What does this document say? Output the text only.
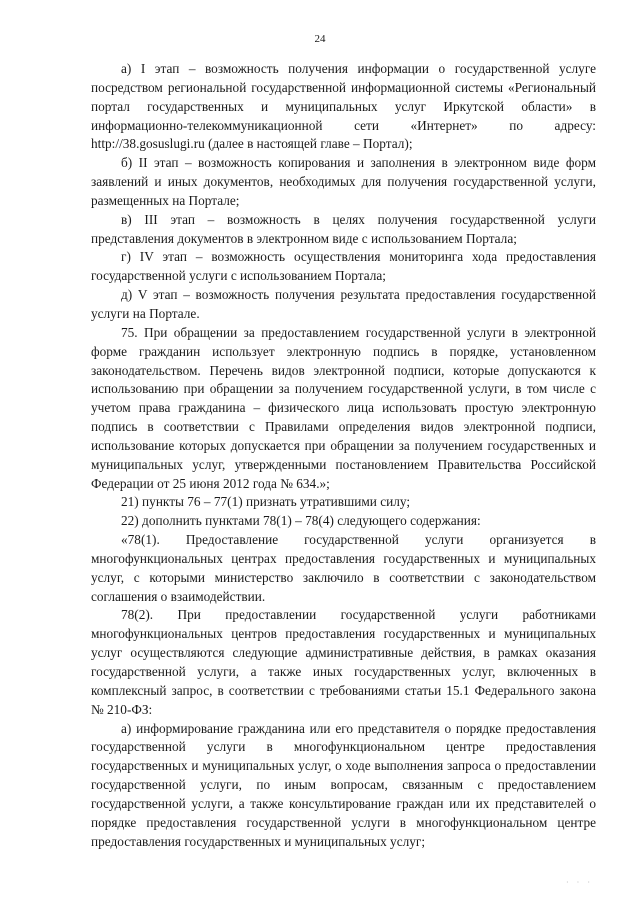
24

а) I этап – возможность получения информации о государственной услуге посредством региональной государственной информационной системы «Региональный портал государственных и муниципальных услуг Иркутской области» в информационно-телекоммуникационной сети «Интернет» по адресу: http://38.gosuslugi.ru (далее в настоящей главе – Портал);

б) II этап – возможность копирования и заполнения в электронном виде форм заявлений и иных документов, необходимых для получения государственной услуги, размещенных на Портале;

в) III этап – возможность в целях получения государственной услуги представления документов в электронном виде с использованием Портала;

г) IV этап – возможность осуществления мониторинга хода предоставления государственной услуги с использованием Портала;

д) V этап – возможность получения результата предоставления государственной услуги на Портале.

75. При обращении за предоставлением государственной услуги в электронной форме гражданин использует электронную подпись в порядке, установленном законодательством. Перечень видов электронной подписи, которые допускаются к использованию при обращении за получением государственной услуги, в том числе с учетом права гражданина – физического лица использовать простую электронную подпись в соответствии с Правилами определения видов электронной подписи, использование которых допускается при обращении за получением государственных и муниципальных услуг, утвержденными постановлением Правительства Российской Федерации от 25 июня 2012 года № 634.»;

21) пункты 76 – 77(1) признать утратившими силу;

22) дополнить пунктами 78(1) – 78(4) следующего содержания:

«78(1). Предоставление государственной услуги организуется в многофункциональных центрах предоставления государственных и муниципальных услуг, с которыми министерство заключило в соответствии с законодательством соглашения о взаимодействии.

78(2). При предоставлении государственной услуги работниками многофункциональных центров предоставления государственных и муниципальных услуг осуществляются следующие административные действия, в рамках оказания государственной услуги, а также иных государственных услуг, включенных в комплексный запрос, в соответствии с требованиями статьи 15.1 Федерального закона № 210-ФЗ:

а) информирование гражданина или его представителя о порядке предоставления государственной услуги в многофункциональном центре предоставления государственных и муниципальных услуг, о ходе выполнения запроса о предоставлении государственной услуги, по иным вопросам, связанным с предоставлением государственной услуги, а также консультирование граждан или их представителей о порядке предоставления государственной услуги в многофункциональном центре предоставления государственных и муниципальных услуг;

· · ·
